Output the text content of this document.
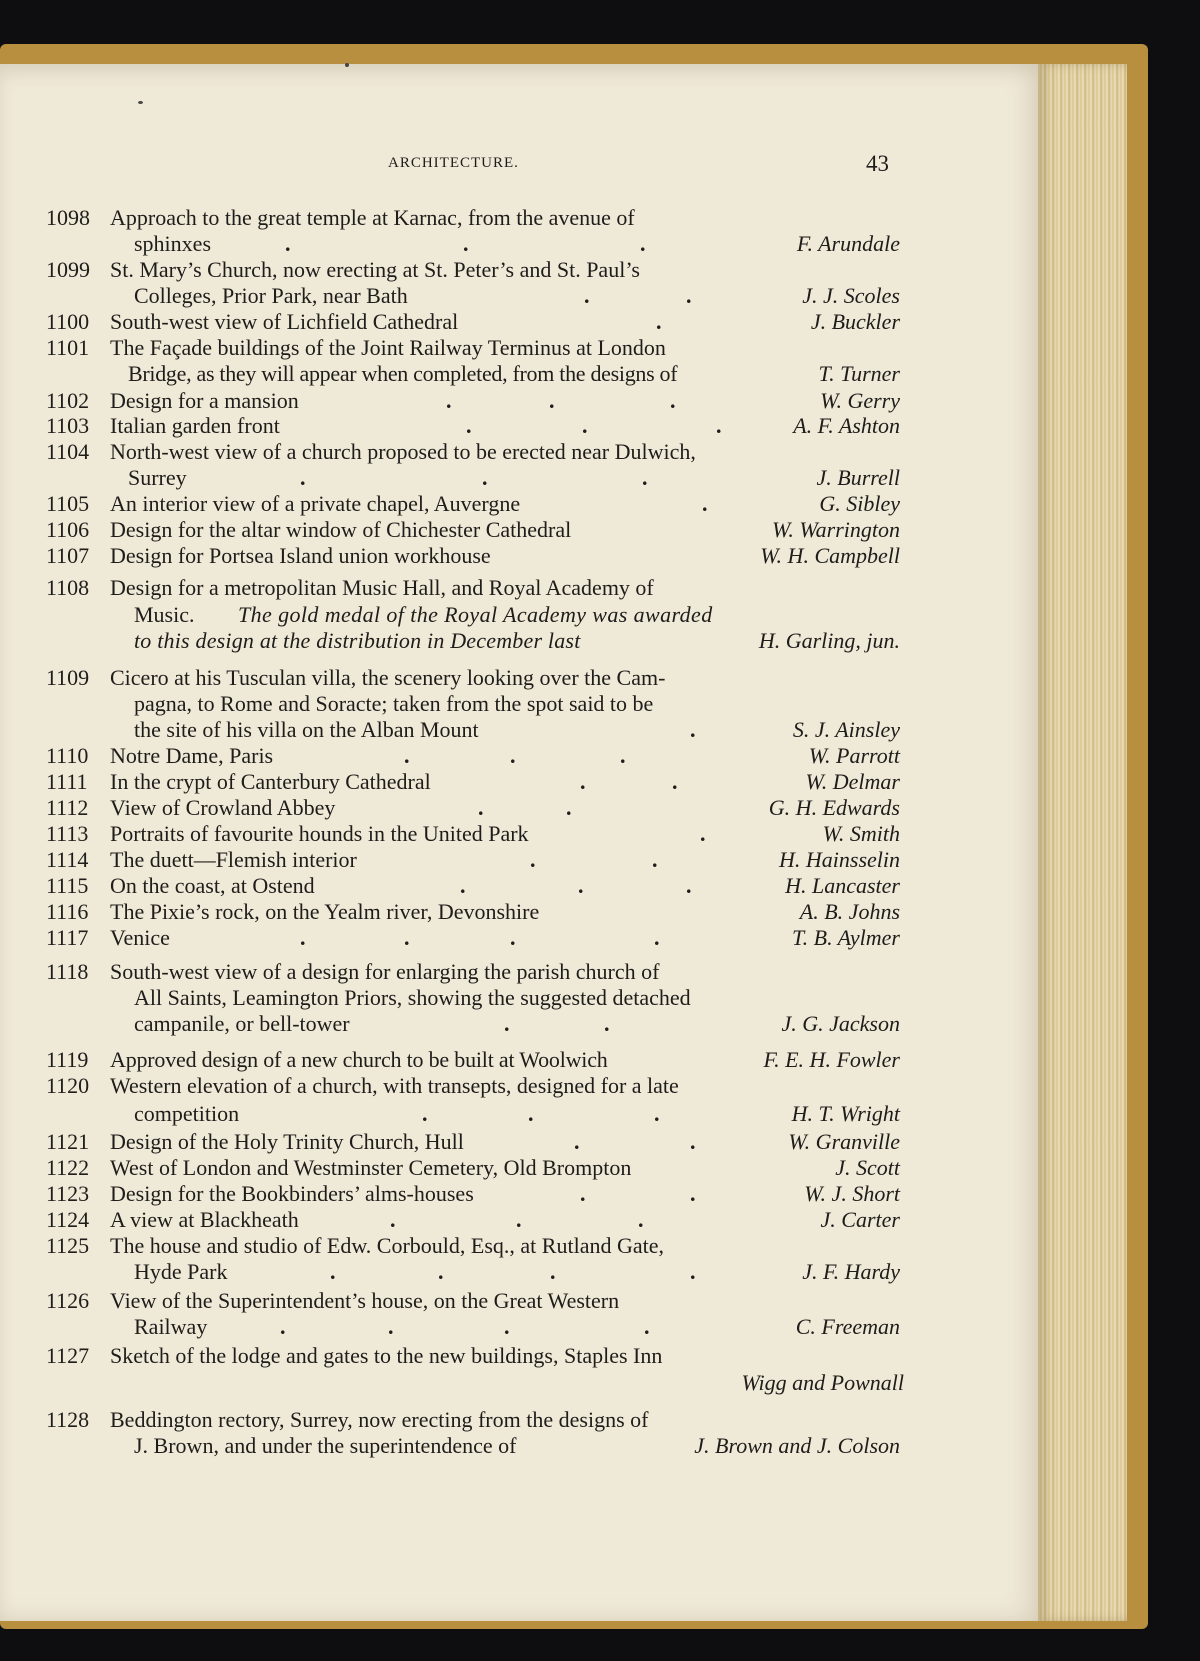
ARCHITECTURE.	43
1098 Approach to the great temple at Karnac, from the avenue of
sphinxes	.	.	.	F. Arundale
1099 St. Mary’s Church, now erecting at St. Peter’s and St. Paul’s
Colleges, Prior Park, near Bath	.	.	J. J. Scoles
1100 South-west view of Lichfield Cathedral	.	J. Buckler
1101 The Façade buildings of the Joint Railway Terminus at London
Bridge, as they will appear when completed, from the designs of	T. Turner
1102 Design for a mansion	.	.	.	W. Gerry
1103 Italian garden front	.	.	.	A. F. Ashton
1104 North-west view of a church proposed to be erected near Dulwich,
Surrey	.	.	.	J. Burrell
1105 An interior view of a private chapel, Auvergne	.	G. Sibley
1106 Design for the altar window of Chichester Cathedral	W. Warrington
1107 Design for Portsea Island union workhouse	W. H. Campbell
1108 Design for a metropolitan Music Hall, and Royal Academy of
Music. The gold medal of the Royal Academy was awarded
to this design at the distribution in December last	H. Garling, jun.
1109 Cicero at his Tusculan villa, the scenery looking over the Cam-
pagna, to Rome and Soracte; taken from the spot said to be
the site of his villa on the Alban Mount	.	S. J. Ainsley
1110 Notre Dame, Paris	.	.	.	W. Parrott
1111 In the crypt of Canterbury Cathedral	.	.	W. Delmar
1112 View of Crowland Abbey	.	.	G. H. Edwards
1113 Portraits of favourite hounds in the United Park	.	W. Smith
1114 The duett—Flemish interior	.	.	H. Hainsselin
1115 On the coast, at Ostend	.	.	.	H. Lancaster
1116 The Pixie’s rock, on the Yealm river, Devonshire	A. B. Johns
1117 Venice	.	.	.	.	T. B. Aylmer
1118 South-west view of a design for enlarging the parish church of
All Saints, Leamington Priors, showing the suggested detached
campanile, or bell-tower	.	.	J. G. Jackson
1119 Approved design of a new church to be built at Woolwich	F. E. H. Fowler
1120 Western elevation of a church, with transepts, designed for a late
competition	.	.	.	H. T. Wright
1121 Design of the Holy Trinity Church, Hull	.	.	W. Granville
1122 West of London and Westminster Cemetery, Old Brompton	J. Scott
1123 Design for the Bookbinders’ alms-houses	.	.	W. J. Short
1124 A view at Blackheath	.	.	.	J. Carter
1125 The house and studio of Edw. Corbould, Esq., at Rutland Gate,
Hyde Park	.	.	.	.	J. F. Hardy
1126 View of the Superintendent’s house, on the Great Western
Railway	.	.	.	.	C. Freeman
1127 Sketch of the lodge and gates to the new buildings, Staples Inn
Wigg and Pownall
1128 Beddington rectory, Surrey, now erecting from the designs of
J. Brown, and under the superintendence of	J. Brown and J. Colson
